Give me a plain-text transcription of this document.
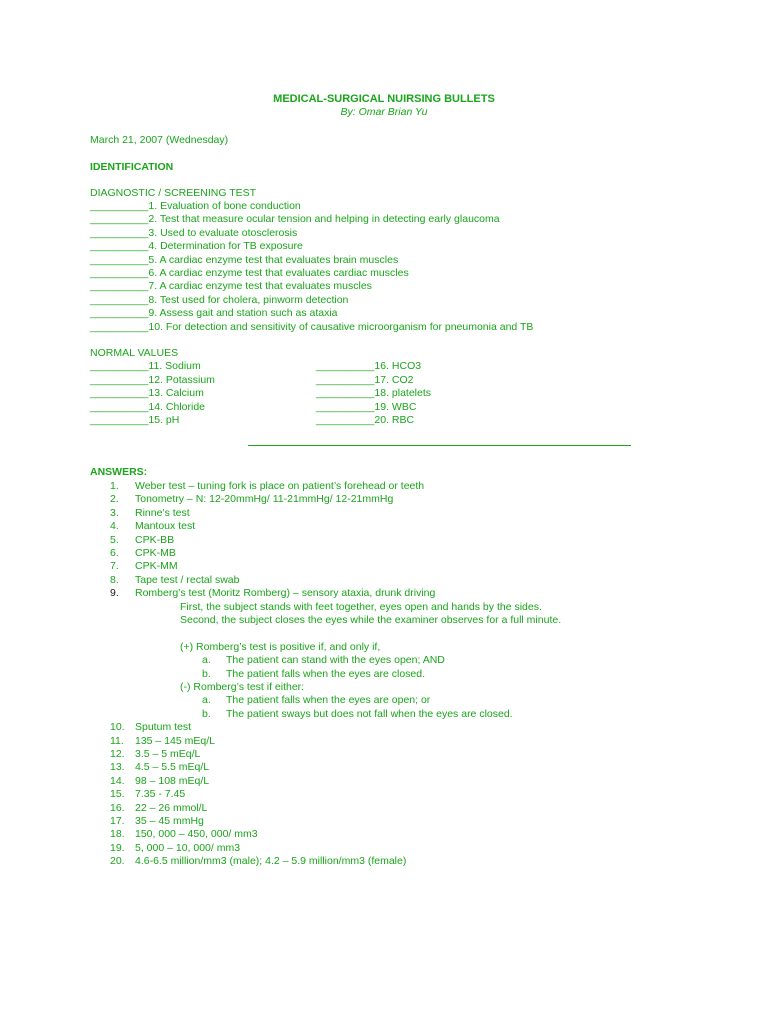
MEDICAL-SURGICAL NUIRSING BULLETS
By: Omar Brian Yu
March 21, 2007 (Wednesday)
IDENTIFICATION
DIAGNOSTIC / SCREENING TEST
__________1. Evaluation of bone conduction
__________2. Test that measure ocular tension and helping in detecting early glaucoma
__________3. Used to evaluate otosclerosis
__________4. Determination for TB exposure
__________5. A cardiac enzyme test that evaluates brain muscles
__________6. A cardiac enzyme test that evaluates cardiac muscles
__________7. A cardiac enzyme test that evaluates muscles
__________8. Test used for cholera, pinworm detection
__________9. Assess gait and station such as ataxia
__________10. For detection and sensitivity of causative microorganism for pneumonia and TB
NORMAL VALUES
__________11. Sodium
__________12. Potassium
__________13. Calcium
__________14. Chloride
__________15. pH
__________16. HCO3
__________17. CO2
__________18. platelets
__________19. WBC
__________20. RBC
ANSWERS:
1.	Weber test – tuning fork is place on patient’s forehead or teeth
2.	Tonometry – N: 12-20mmHg/ 11-21mmHg/ 12-21mmHg
3.	Rinne’s test
4.	Mantoux test
5.	CPK-BB
6.	CPK-MB
7.	CPK-MM
8.	Tape test / rectal swab
9.	Romberg’s test (Moritz Romberg) – sensory ataxia, drunk driving
First, the subject stands with feet together, eyes open and hands by the sides.
Second, the subject closes the eyes while the examiner observes for a full minute.
(+) Romberg’s test is positive if, and only if,
a. The patient can stand with the eyes open; AND
b. The patient falls when the eyes are closed.
(-) Romberg’s test if either:
a. The patient falls when the eyes are open; or
b. The patient sways but does not fall when the eyes are closed.
10. Sputum test
11.	135 – 145 mEq/L
12. 3.5 – 5 mEq/L
13. 4.5 – 5.5 mEq/L
14. 98 – 108 mEq/L
15. 7.35 - 7.45
16. 22 – 26 mmol/L
17. 35 – 45 mmHg
18. 150, 000 – 450, 000/ mm3
19. 5, 000 – 10, 000/ mm3
20. 4.6-6.5 million/mm3 (male); 4.2 – 5.9 million/mm3 (female)
